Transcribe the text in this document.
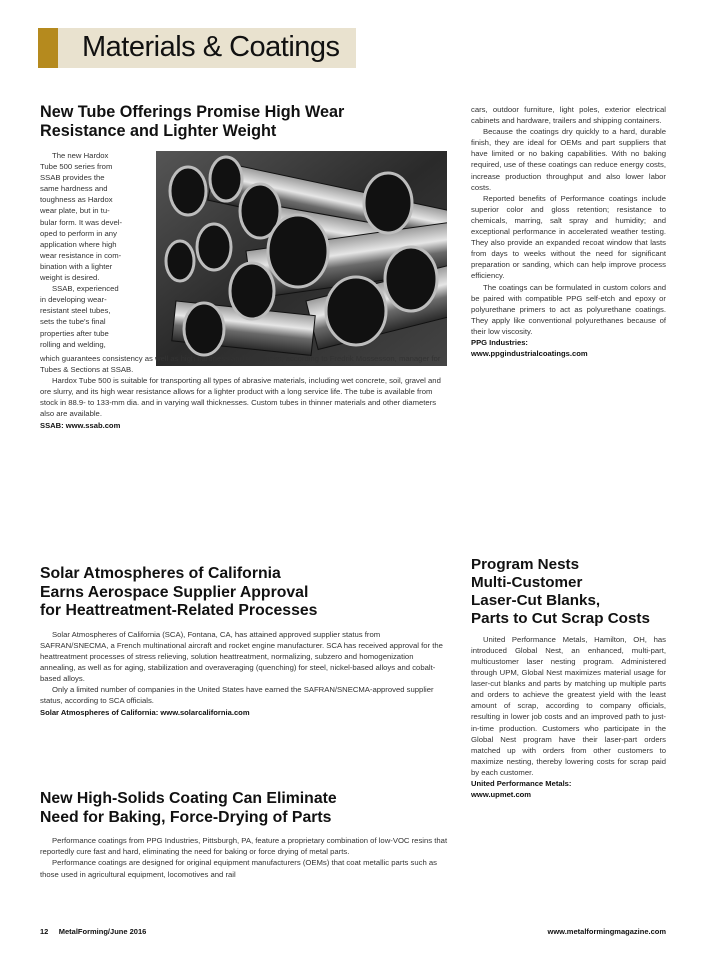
Materials & Coatings
New Tube Offerings Promise High Wear
Resistance and Lighter Weight
The new Hardox
Tube 500 series from
SSAB provides the
same hardness and
toughness as Hardox
wear plate, but in tu-
bular form. It was devel-
oped to perform in any
application where high
wear resistance in com-
bination with a lighter
weight is desired.
SSAB, experienced
in developing wear-
resistant steel tubes,
sets the tube's final
properties after tube
rolling and welding,

which guarantees consistency as well as high hardness and toughness, according to Fredrik Mossesson, manager for Tubes & Sections at SSAB.

Hardox Tube 500 is suitable for transporting all types of abrasive materials, including wet concrete, soil, gravel and ore slurry, and its high wear resistance allows for a lighter product with a long service life. The tube is available from stock in 88.9- to 133-mm dia. and in varying wall thicknesses. Custom tubes in thinner materials and other diameters also are available.

SSAB: www.ssab.com
Solar Atmospheres of California
Earns Aerospace Supplier Approval
for Heattreatment-Related Processes

Solar Atmospheres of California (SCA), Fontana, CA, has attained approved supplier status from SAFRAN/SNECMA, a French multinational aircraft and rocket engine manufacturer. SCA has received approval for the heattreatment processes of stress relieving, solution heattreatment, normalizing, subzero and homogenization annealing, as well as for aging, stabilization and overaveraging (quenching) for steel, nickel-based alloys and cobalt-based alloys.

Only a limited number of companies in the United States have earned the SAFRAN/SNECMA-approved supplier status, according to SCA officials.

Solar Atmospheres of California: www.solarcalifornia.com
New High-Solids Coating Can Eliminate
Need for Baking, Force-Drying of Parts

Performance coatings from PPG Industries, Pittsburgh, PA, feature a proprietary combination of low-VOC resins that reportedly cure fast and hard, eliminating the need for baking or force drying of metal parts.

Performance coatings are designed for original equipment manufacturers (OEMs) that coat metallic parts such as those used in agricultural equipment, locomotives and rail

cars, outdoor furniture, light poles, exterior electrical cabinets and hardware, trailers and shipping containers.

Because the coatings dry quickly to a hard, durable finish, they are ideal for OEMs and part suppliers that have limited or no baking capabilities. With no baking required, use of these coatings can reduce energy costs, increase production throughput and also lower labor costs.

Reported benefits of Performance coatings include superior color and gloss retention; resistance to chemicals, marring, salt spray and humidity; and exceptional performance in accelerated weather testing. They also provide an expanded recoat window that lasts from days to weeks without the need for significant preparation or sanding, which can help improve process efficiency.

The coatings can be formulated in custom colors and be paired with compatible PPG self-etch and epoxy or polyurethane primers to act as polyurethane coatings. They apply like conventional polyurethanes because of their low viscosity.

PPG Industries:
www.ppgindustrialcoatings.com
Program Nests
Multi-Customer
Laser-Cut Blanks,
Parts to Cut Scrap Costs

United Performance Metals, Hamilton, OH, has introduced Global Nest, an enhanced, multi-part, multicustomer laser nesting program. Administered through UPM, Global Nest maximizes material usage for laser-cut blanks and parts by matching up multiple parts and orders to achieve the greatest yield with the least amount of scrap, according to company officials, resulting in lower job costs and an improved path to just-in-time production. Customers who participate in the Global Nest program have their laser-part orders matched up with orders from other customers to maximize nesting, thereby lowering costs for scrap paid by each customer.

United Performance Metals:
www.upmet.com
12 MetalForming/June 2016	www.metalformingmagazine.com
